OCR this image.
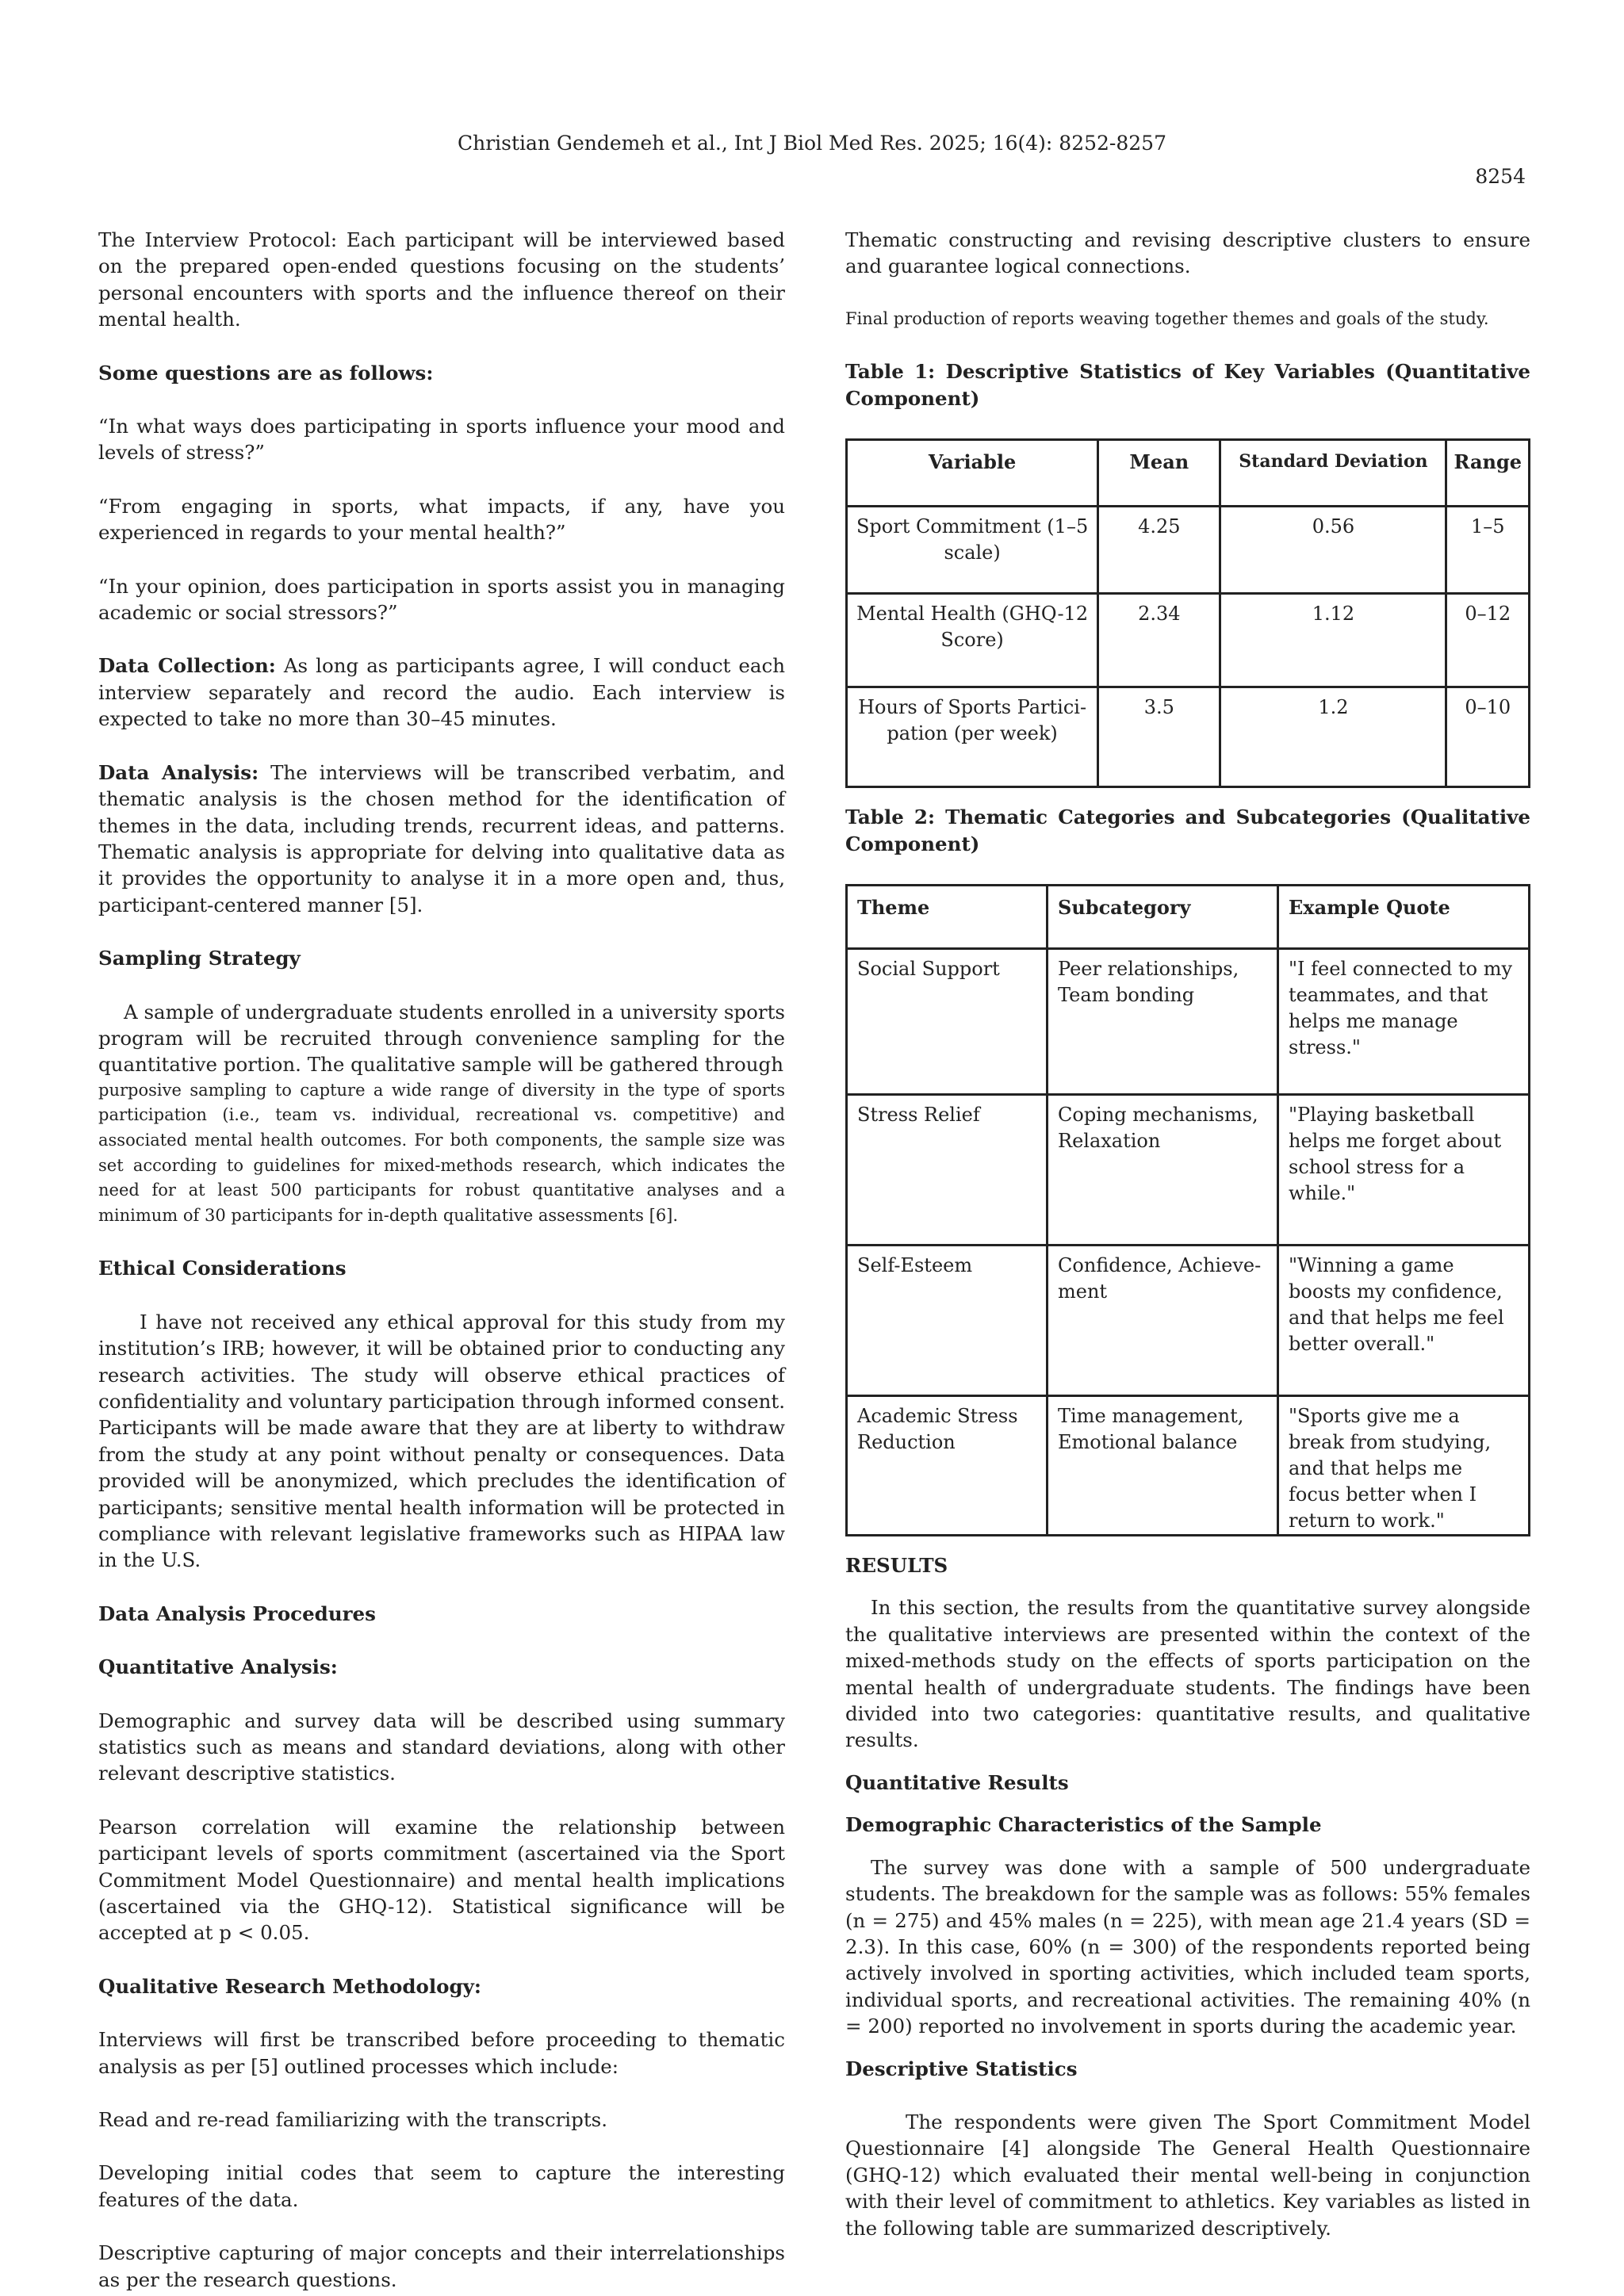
Christian Gendemeh et al., Int J Biol Med Res. 2025; 16(4): 8252-8257
8254

The Interview Protocol: Each participant will be interviewed based on the prepared open-ended questions focusing on the students’ personal encounters with sports and the influence thereof on their mental health.

Some questions are as follows:

“In what ways does participating in sports influence your mood and levels of stress?”

“From engaging in sports, what impacts, if any, have you experienced in regards to your mental health?”

“In your opinion, does participation in sports assist you in managing academic or social stressors?”

Data Collection: As long as participants agree, I will conduct each interview separately and record the audio. Each interview is expected to take no more than 30–45 minutes.

Data Analysis: The interviews will be transcribed verbatim, and thematic analysis is the chosen method for the identification of themes in the data, including trends, recurrent ideas, and patterns. Thematic analysis is appropriate for delving into qualitative data as it provides the opportunity to analyse it in a more open and, thus, participant-centered manner [5].

Sampling Strategy

A sample of undergraduate students enrolled in a university sports program will be recruited through convenience sampling for the quantitative portion. The qualitative sample will be gathered through

purposive sampling to capture a wide range of diversity in the type of sports participation (i.e., team vs. individual, recreational vs. competitive) and associated mental health outcomes. For both components, the sample size was set according to guidelines for mixed-methods research, which indicates the need for at least 500 participants for robust quantitative analyses and a minimum of 30 participants for in-depth qualitative assessments [6].

Ethical Considerations

I have not received any ethical approval for this study from my institution’s IRB; however, it will be obtained prior to conducting any research activities. The study will observe ethical practices of confidentiality and voluntary participation through informed consent. Participants will be made aware that they are at liberty to withdraw from the study at any point without penalty or consequences. Data provided will be anonymized, which precludes the identification of participants; sensitive mental health information will be protected in compliance with relevant legislative frameworks such as HIPAA law in the U.S.

Data Analysis Procedures

Quantitative Analysis:

Demographic and survey data will be described using summary statistics such as means and standard deviations, along with other relevant descriptive statistics.

Pearson correlation will examine the relationship between participant levels of sports commitment (ascertained via the Sport Commitment Model Questionnaire) and mental health implications (ascertained via the GHQ-12). Statistical significance will be accepted at p < 0.05.

Qualitative Research Methodology:

Interviews will first be transcribed before proceeding to thematic analysis as per [5] outlined processes which include:

Read and re-read familiarizing with the transcripts.

Developing initial codes that seem to capture the interesting features of the data.

Descriptive capturing of major concepts and their interrelationships as per the research questions.

Thematic constructing and revising descriptive clusters to ensure and guarantee logical connections.

Final production of reports weaving together themes and goals of the study.

Table 1: Descriptive Statistics of Key Variables (Quantitative Component)

Variable	Mean	Standard Deviation	Range
Sport Commitment (1–5 scale)	4.25	0.56	1–5
Mental Health (GHQ-12 Score)	2.34	1.12	0–12
Hours of Sports Participation (per week)	3.5	1.2	0–10

Table 2: Thematic Categories and Subcategories (Qualitative Component)

Theme	Subcategory	Example Quote
Social Support	Peer relationships, Team bonding	"I feel connected to my teammates, and that helps me manage stress."
Stress Relief	Coping mechanisms, Relaxation	"Playing basketball helps me forget about school stress for a while."
Self-Esteem	Confidence, Achievement	"Winning a game boosts my confidence, and that helps me feel better overall."
Academic Stress Reduction	Time management, Emotional balance	"Sports give me a break from studying, and that helps me focus better when I return to work."

RESULTS

In this section, the results from the quantitative survey alongside the qualitative interviews are presented within the context of the mixed-methods study on the effects of sports participation on the mental health of undergraduate students. The findings have been divided into two categories: quantitative results, and qualitative results.

Quantitative Results

Demographic Characteristics of the Sample

The survey was done with a sample of 500 undergraduate students. The breakdown for the sample was as follows: 55% females (n = 275) and 45% males (n = 225), with mean age 21.4 years (SD = 2.3). In this case, 60% (n = 300) of the respondents reported being actively involved in sporting activities, which included team sports, individual sports, and recreational activities. The remaining 40% (n = 200) reported no involvement in sports during the academic year.

Descriptive Statistics

The respondents were given The Sport Commitment Model Questionnaire [4] alongside The General Health Questionnaire (GHQ-12) which evaluated their mental well-being in conjunction with their level of commitment to athletics. Key variables as listed in the following table are summarized descriptively.
